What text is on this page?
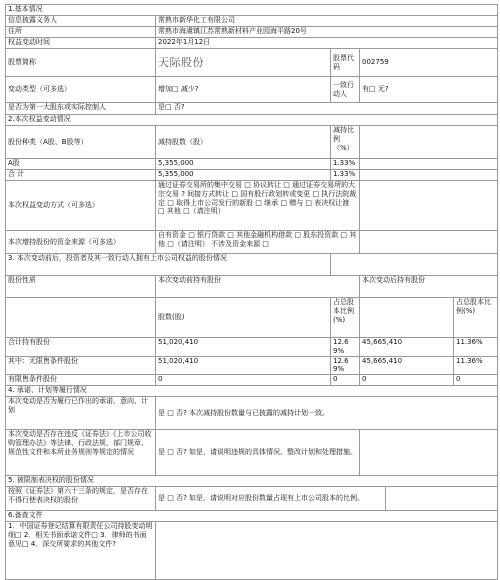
1.基本情况					
信息披露义务人	常熟市新华化工有限公司				
住所	常熟市海虞镇江苏常熟新材料产业园海平路20号				
权益变动时间	2022年1月12日				
股票简称	天际股份	股票代码	002759		
变动类型（可多选）	增加□ 减少?	一致行动人	有□ 无?		
是否为第一大股东或实际控制人	是□ 否?				
2.本次权益变动情况					
股份种类（A股、B股等）	减持股数（股）	减持比例（%）			
A股	5,355,000	1.33%			
合 计	5,355,000	1.33%			
本次权益变动方式（可多选）	通过证券交易所的集中交易 □ 协议转让 □ 通过证券交易所的大宗交易 ? 间接方式转让 □ 国有股行政划转或变更 □ 执行法院裁定 □ 取得上市公司发行的新股 □ 继承 □ 赠与 □ 表决权让渡 □ 其他 □（请注明）				
本次增持股份的资金来源（可多选）	自有资金 □ 银行贷款 □ 其他金融机构借款 □ 股东投资款 □ 其他 □（请注明） 不涉及资金来源 □				
3. 本次变动前后，投资者及其一致行动人拥有上市公司权益的股份情况					
股份性质	本次变动前持有股份		本次变动后持有股份		
	股数(股)	占总股本比例(%)			占总股本比例(%)
合计持有股份	51,020,410	12.69%	45,665,410		11.36%
其中：无限售条件股份	51,020,410	12.69%	45,665,410		11.36%
有限售条件股份	0	0	0		0
4. 承诺、计划等履行情况					
本次变动是否为履行已作出的承诺、意向、计划	是 □ 否? 本次减持股份数量与已披露的减持计划一致。				
本次变动是否存在违反《证券法》《上市公司收购管理办法》等法律、行政法规、部门规章、规范性文件和本所业务规则等规定的情况	是 □ 否? 如是，请说明违规的具体情况、整改计划和处理措施。				
5. 被限制表决权的股份情况					
按照《证券法》第六十三条的规定，是否存在不得行使表决权的股份	是 □ 否? 如是，请说明对应股份数量占现有上市公司股本的比例。				
6.备查文件					
1．中国证券登记结算有限责任公司持股变动明细□ 2．相关书面承诺文件□ 3．律师的书面意见□ 4．深交所要求的其他文件?					
